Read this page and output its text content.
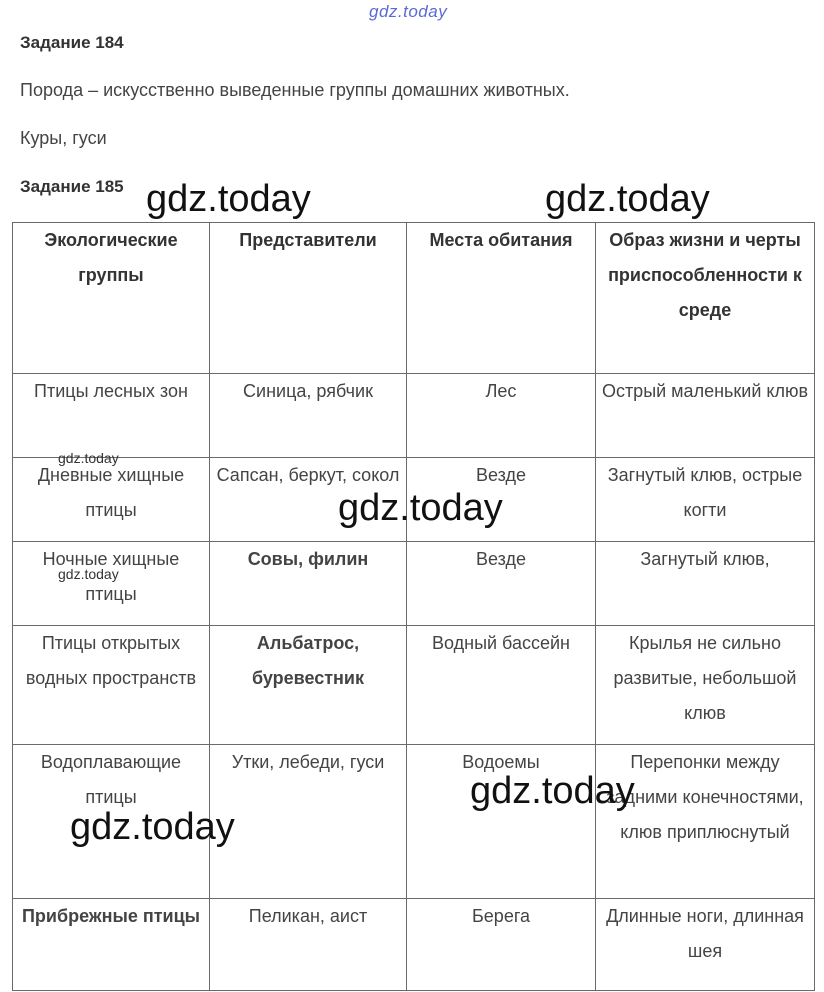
gdz.today
Задание 184
Порода – искусственно выведенные группы домашних животных.
Куры, гуси
Задание 185
Экологические группы	Представители	Места обитания	Образ жизни и черты приспособленности к среде
Птицы лесных зон	Синица, рябчик	Лес	Острый маленький клюв
Дневные хищные птицы	Сапсан, беркут, сокол	Везде	Загнутый клюв, острые когти
Ночные хищные птицы	Совы, филин	Везде	Загнутый клюв,
Птицы открытых водных пространств	Альбатрос, буревестник	Водный бассейн	Крылья не сильно развитые, небольшой клюв
Водоплавающие птицы	Утки, лебеди, гуси	Водоемы	Перепонки между задними конечностями, клюв приплюснутый
Прибрежные птицы	Пеликан, аист	Берега	Длинные ноги, длинная шея
gdz.today	gdz.today
gdz.today
gdz.today
gdz.today
gdz.today
gdz.today
